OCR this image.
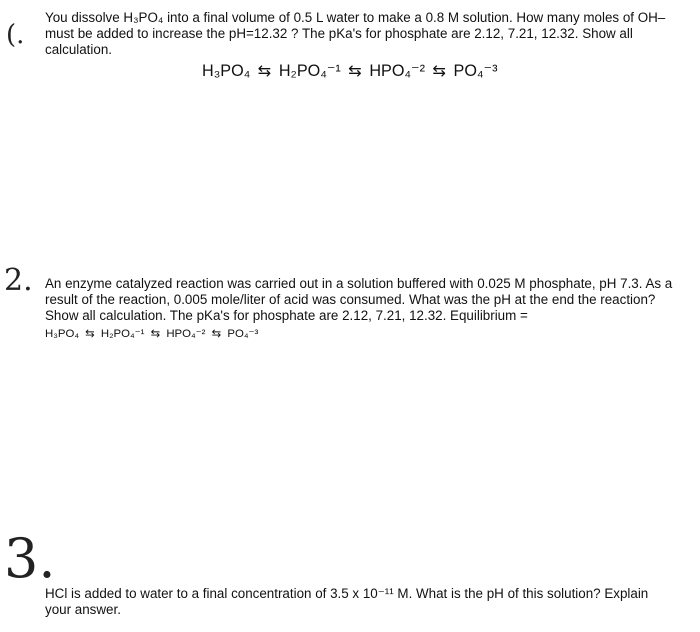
(.

You dissolve H₃PO₄ into a final volume of 0.5 L water to make a 0.8 M solution. How many moles of OH– must be added to increase the pH=12.32 ? The pKa's for phosphate are 2.12, 7.21, 12.32. Show all calculation.

H₃PO₄ ⇆ H₂PO₄⁻¹ ⇆ HPO₄⁻² ⇆ PO₄⁻³
2. An enzyme catalyzed reaction was carried out in a solution buffered with 0.025 M phosphate, pH 7.3. As a result of the reaction, 0.005 mole/liter of acid was consumed. What was the pH at the end the reaction? Show all calculation. The pKa's for phosphate are 2.12, 7.21, 12.32. Equilibrium =

H₃PO₄ ⇆ H₂PO₄⁻¹ ⇆ HPO₄⁻² ⇆ PO₄⁻³
3.

HCl is added to water to a final concentration of 3.5 x 10⁻¹¹ M. What is the pH of this solution? Explain your answer.
